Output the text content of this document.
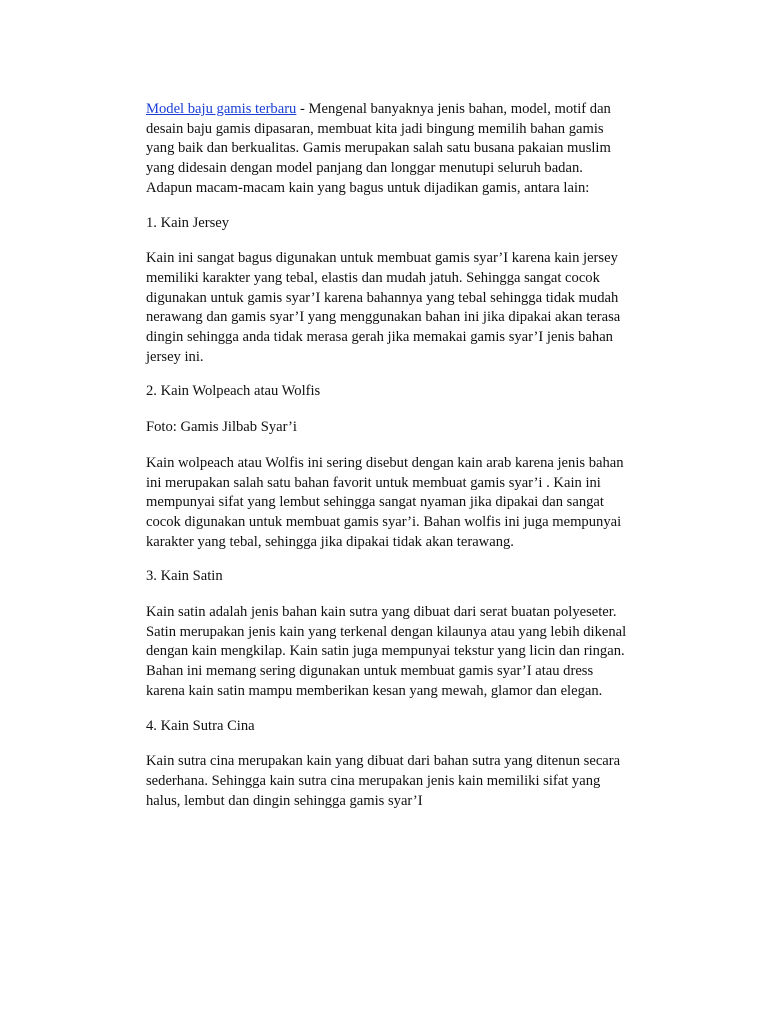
Model baju gamis terbaru - Mengenal banyaknya jenis bahan, model, motif dan
desain baju gamis dipasaran, membuat kita jadi bingung memilih bahan gamis
yang baik dan berkualitas. Gamis merupakan salah satu busana pakaian muslim
yang didesain dengan model panjang dan longgar menutupi seluruh badan.
Adapun macam-macam kain yang bagus untuk dijadikan gamis, antara lain:

1. Kain Jersey

Kain ini sangat bagus digunakan untuk membuat gamis syar’I karena kain jersey
memiliki karakter yang tebal, elastis dan mudah jatuh. Sehingga sangat cocok
digunakan untuk gamis syar’I karena bahannya yang tebal sehingga tidak mudah
nerawang dan gamis syar’I yang menggunakan bahan ini jika dipakai akan terasa
dingin sehingga anda tidak merasa gerah jika memakai gamis syar’I jenis bahan
jersey ini.

2. Kain Wolpeach atau Wolfis

Foto: Gamis Jilbab Syar’i

Kain wolpeach atau Wolfis ini sering disebut dengan kain arab karena jenis bahan
ini merupakan salah satu bahan favorit untuk membuat gamis syar’i . Kain ini
mempunyai sifat yang lembut sehingga sangat nyaman jika dipakai dan sangat
cocok digunakan untuk membuat gamis syar’i. Bahan wolfis ini juga mempunyai
karakter yang tebal, sehingga jika dipakai tidak akan terawang.

3. Kain Satin

Kain satin adalah jenis bahan kain sutra yang dibuat dari serat buatan polyeseter.
Satin merupakan jenis kain yang terkenal dengan kilaunya atau yang lebih dikenal
dengan kain mengkilap. Kain satin juga mempunyai tekstur yang licin dan ringan.
Bahan ini memang sering digunakan untuk membuat gamis syar’I atau dress
karena kain satin mampu memberikan kesan yang mewah, glamor dan elegan.

4. Kain Sutra Cina

Kain sutra cina merupakan kain yang dibuat dari bahan sutra yang ditenun secara
sederhana. Sehingga kain sutra cina merupakan jenis kain memiliki sifat yang
halus, lembut dan dingin sehingga gamis syar’I
